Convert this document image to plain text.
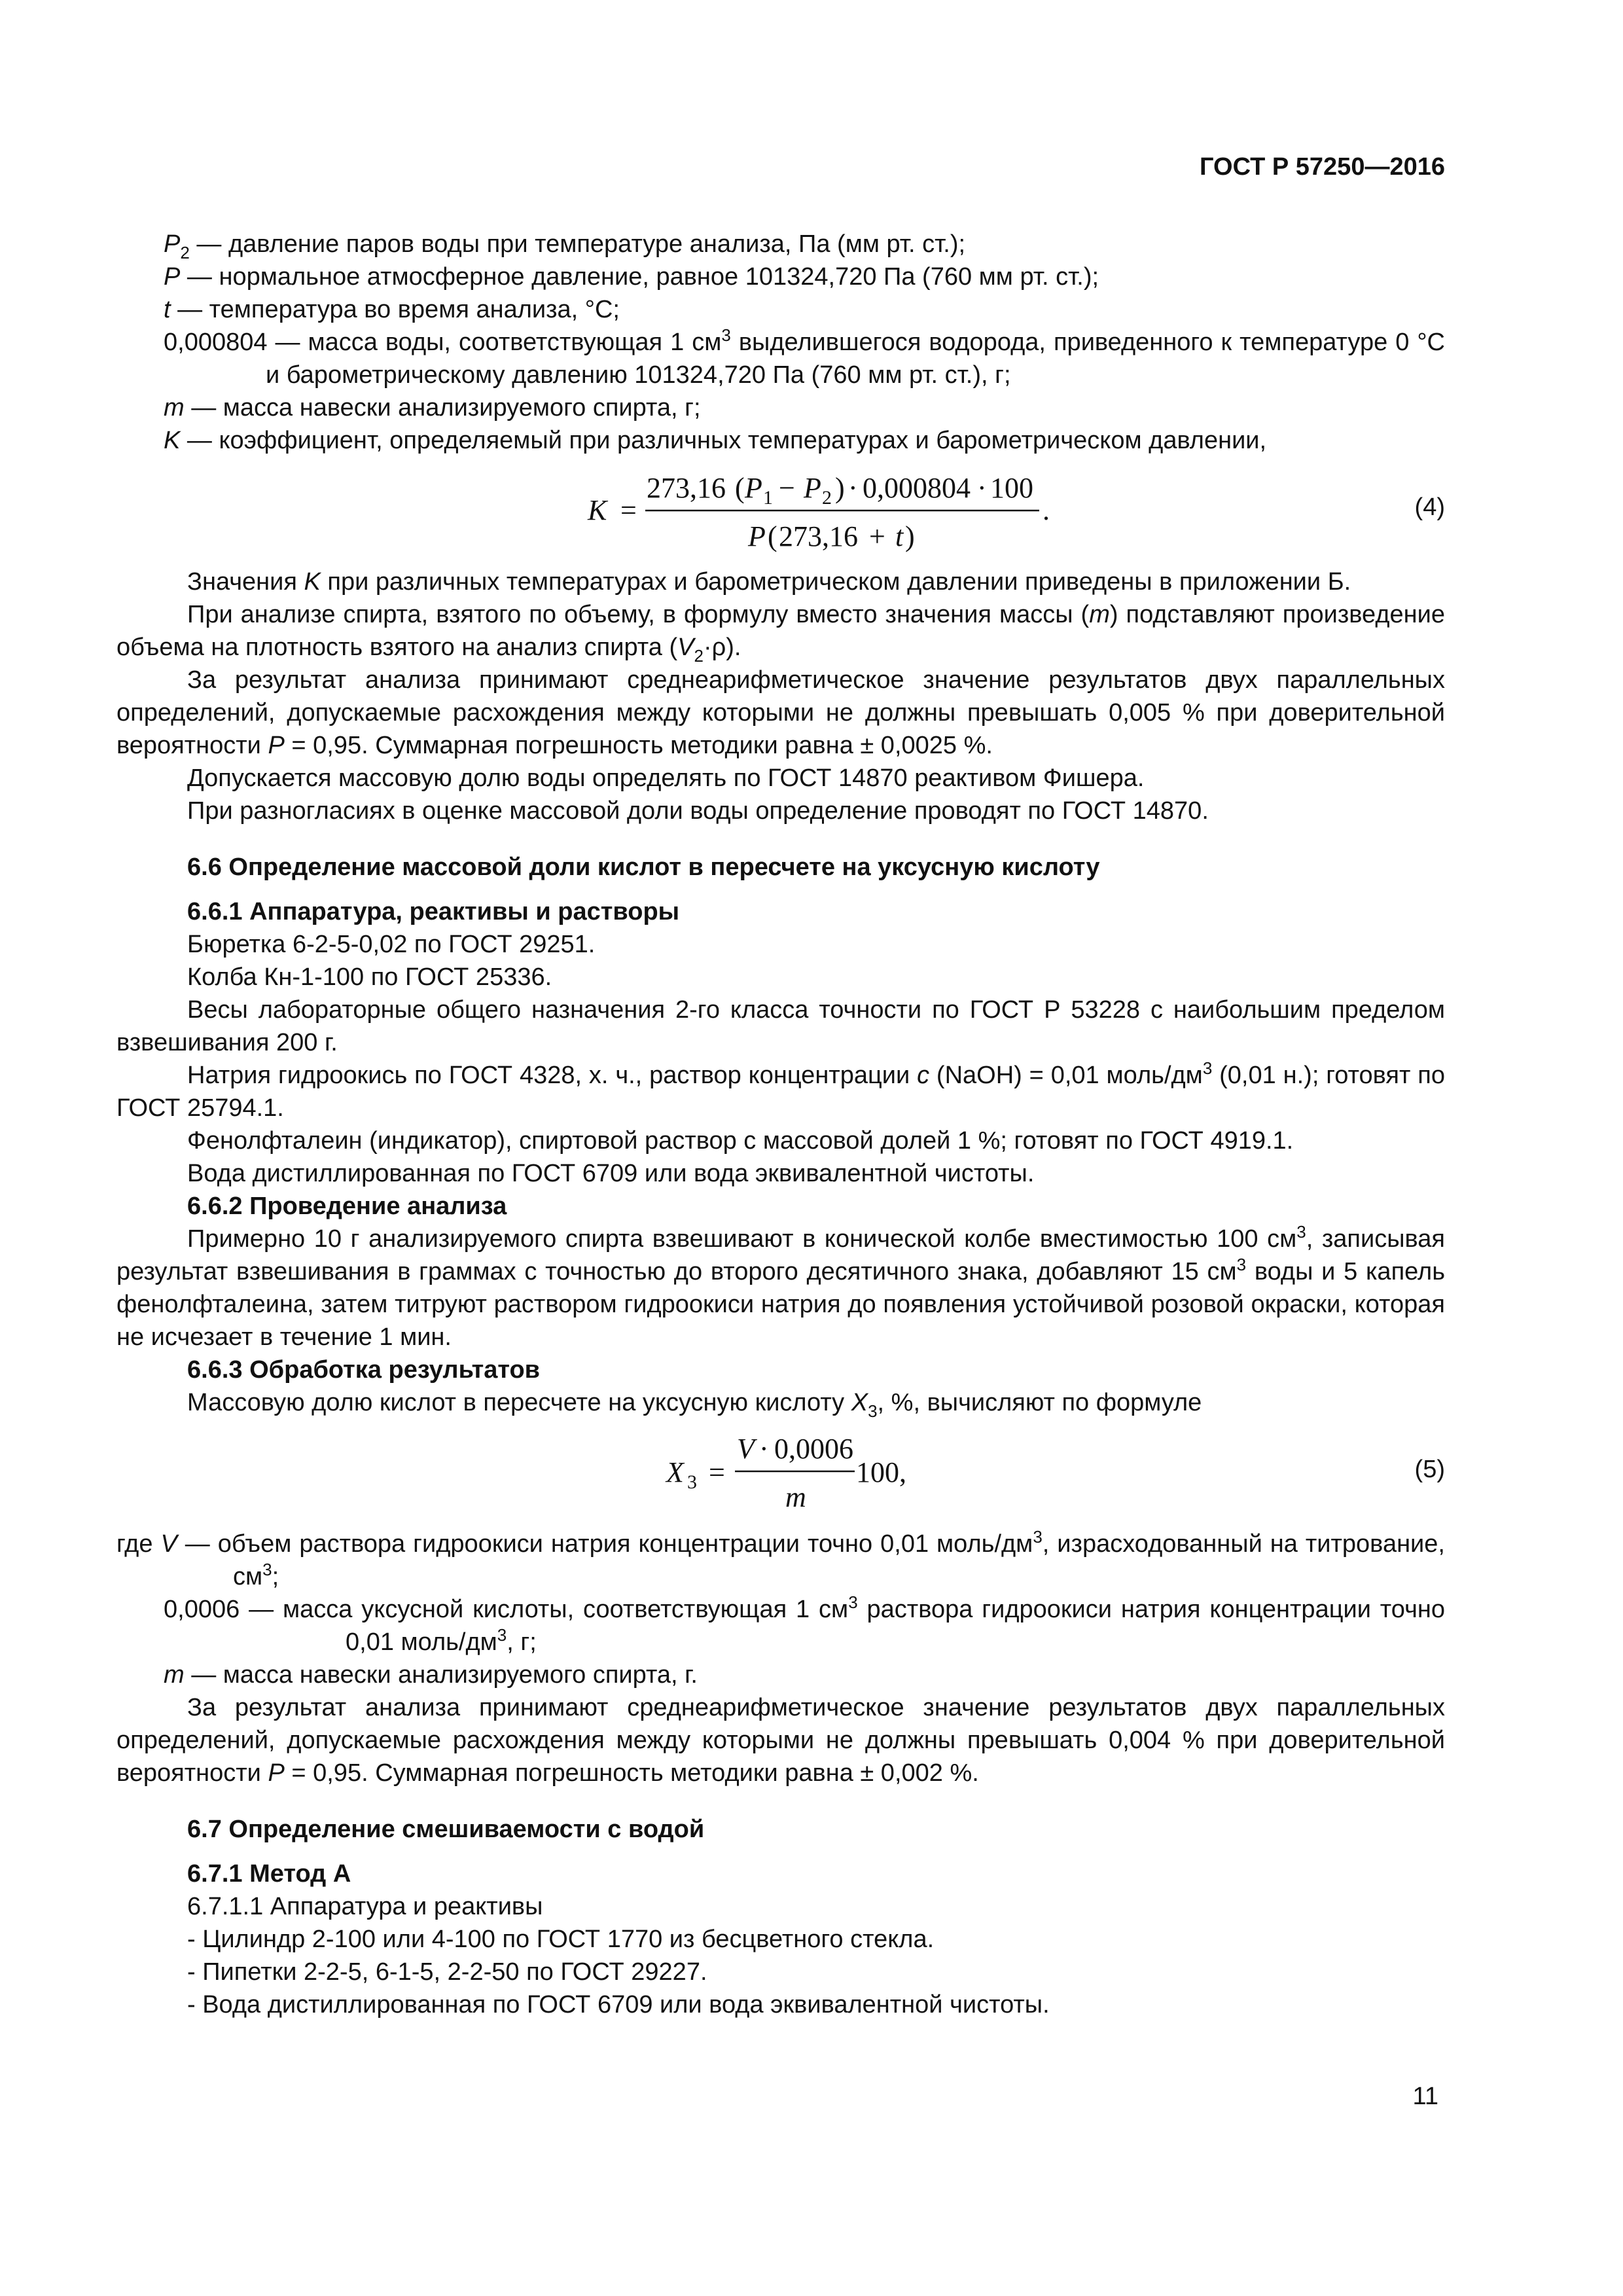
ГОСТ Р 57250—2016

$P_2$ — давление паров воды при температуре анализа, Па (мм рт. ст.);

P — нормальное атмосферное давление, равное 101324,720 Па (760 мм рт. ст.);

t — температура во время анализа, °С;

0,000804 — масса воды, соответствующая 1 $см^3$ выделившегося водорода, приведенного к температуре 0 °С и барометрическому давлению 101324,720 Па (760 мм рт. ст.), г;

m — масса навески анализируемого спирта, г;

K — коэффициент, определяемый при различных температурах и барометрическом давлении,

K =
273,16 ( P 1 − P 2 ) · 0,000804 · 100
.
P ( 273,16 + t )
(4)

Значения K при различных температурах и барометрическом давлении приведены в приложении Б.

При анализе спирта, взятого по объему, в формулу вместо значения массы (m) подставляют произведение объема на плотность взятого на анализ спирта $(V_2\cdot\rho)$.

За результат анализа принимают среднеарифметическое значение результатов двух параллельных определений, допускаемые расхождения между которыми не должны превышать 0,005 % при доверительной вероятности P = 0,95. Суммарная погрешность методики равна ± 0,0025 %.

Допускается массовую долю воды определять по ГОСТ 14870 реактивом Фишера.

При разногласиях в оценке массовой доли воды определение проводят по ГОСТ 14870.

6.6 Определение массовой доли кислот в пересчете на уксусную кислоту

6.6.1 Аппаратура, реактивы и растворы

Бюретка 6-2-5-0,02 по ГОСТ 29251.

Колба Кн-1-100 по ГОСТ 25336.

Весы лабораторные общего назначения 2-го класса точности по ГОСТ Р 53228 с наибольшим пределом взвешивания 200 г.

Натрия гидроокись по ГОСТ 4328, х. ч., раствор концентрации c (NaOH) = 0,01 моль/$дм^3$ (0,01 н.); готовят по ГОСТ 25794.1.

Фенолфталеин (индикатор), спиртовой раствор с массовой долей 1 %; готовят по ГОСТ 4919.1.

Вода дистиллированная по ГОСТ 6709 или вода эквивалентной чистоты.

6.6.2 Проведение анализа

Примерно 10 г анализируемого спирта взвешивают в конической колбе вместимостью 100 $см^3$, записывая результат взвешивания в граммах с точностью до второго десятичного знака, добавляют 15 $см^3$ воды и 5 капель фенолфталеина, затем титруют раствором гидроокиси натрия до появления устойчивой розовой окраски, которая не исчезает в течение 1 мин.

6.6.3 Обработка результатов

Массовую долю кислот в пересчете на уксусную кислоту $X_3$, %, вычисляют по формуле

X 3 =
V · 0,0006
m
100,	(5)

где V — объем раствора гидроокиси натрия концентрации точно 0,01 моль/$дм^3$, израсходованный на титрование, $см^3$;

0,0006 — масса уксусной кислоты, соответствующая 1 $см^3$ раствора гидроокиси натрия концентрации точно 0,01 моль/$дм^3$, г;

m — масса навески анализируемого спирта, г.

За результат анализа принимают среднеарифметическое значение результатов двух параллельных определений, допускаемые расхождения между которыми не должны превышать 0,004 % при доверительной вероятности P = 0,95. Суммарная погрешность методики равна ± 0,002 %.

6.7 Определение смешиваемости с водой

6.7.1 Метод А

6.7.1.1 Аппаратура и реактивы

- Цилиндр 2-100 или 4-100 по ГОСТ 1770 из бесцветного стекла.

- Пипетки 2-2-5, 6-1-5, 2-2-50 по ГОСТ 29227.

- Вода дистиллированная по ГОСТ 6709 или вода эквивалентной чистоты.

11
